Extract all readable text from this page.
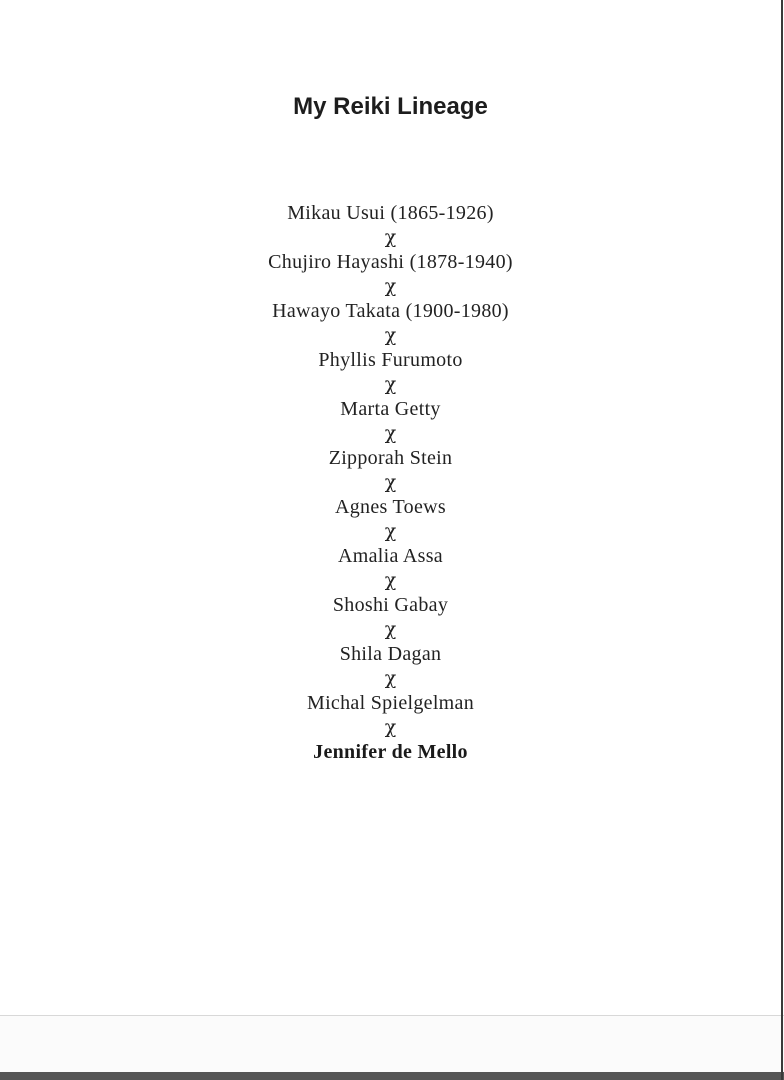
My Reiki Lineage
Mikau Usui (1865-1926)
χ
Chujiro Hayashi (1878-1940)
χ
Hawayo Takata (1900-1980)
χ
Phyllis Furumoto
χ
Marta Getty
χ
Zipporah Stein
χ
Agnes Toews
χ
Amalia Assa
χ
Shoshi Gabay
χ
Shila Dagan
χ
Michal Spielgelman
χ
Jennifer de Mello
